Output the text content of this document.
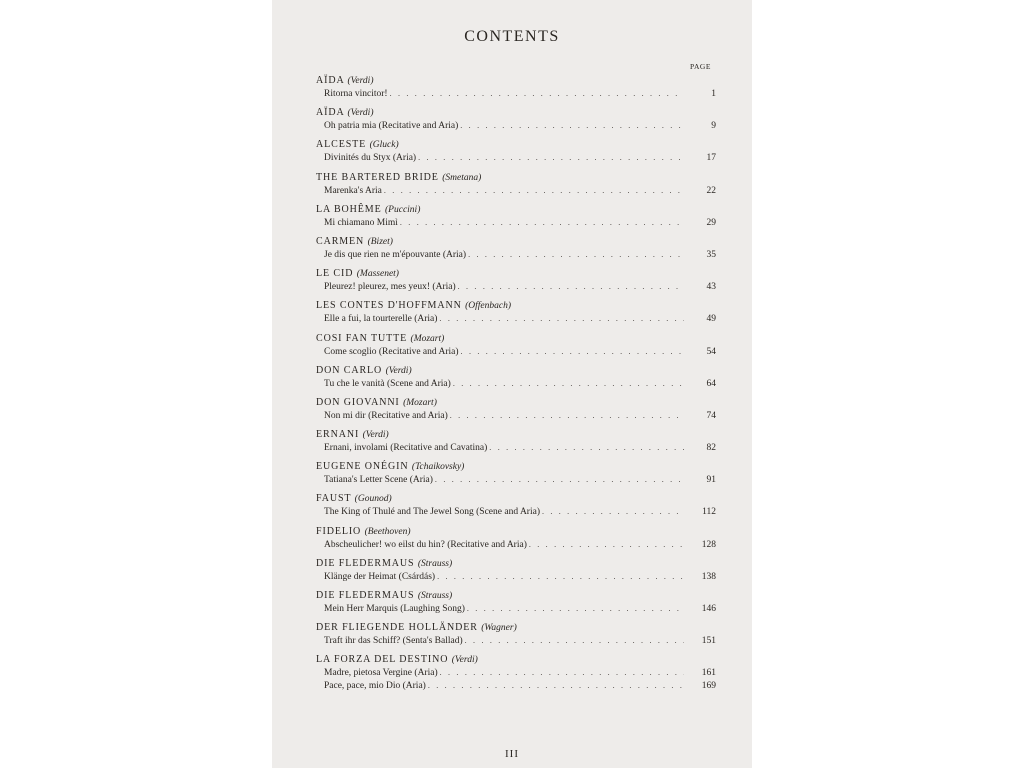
CONTENTS
PAGE
AÏDA (Verdi)
Ritorna vincitor! . . .	1
AÏDA (Verdi)
Oh patria mia (Recitative and Aria) . . .	9
ALCESTE (Gluck)
Divinités du Styx (Aria) . . .	17
THE BARTERED BRIDE (Smetana)
Marenka's Aria . . .	22
LA BOHÊME (Puccini)
Mi chiamano Mimì . . .	29
CARMEN (Bizet)
Je dis que rien ne m'épouvante (Aria) . . .	35
LE CID (Massenet)
Pleurez! pleurez, mes yeux! (Aria) . . .	43
LES CONTES D'HOFFMANN (Offenbach)
Elle a fui, la tourterelle (Aria) . . .	49
COSI FAN TUTTE (Mozart)
Come scoglio (Recitative and Aria) . . .	54
DON CARLO (Verdi)
Tu che le vanità (Scene and Aria) . . .	64
DON GIOVANNI (Mozart)
Non mi dir (Recitative and Aria) . . .	74
ERNANI (Verdi)
Ernani, involami (Recitative and Cavatina) . . .	82
EUGENE ONÉGIN (Tchaikovsky)
Tatiana's Letter Scene (Aria) . . .	91
FAUST (Gounod)
The King of Thulé and The Jewel Song (Scene and Aria) . . .	112
FIDELIO (Beethoven)
Abscheulicher! wo eilst du hin? (Recitative and Aria) . . .	128
DIE FLEDERMAUS (Strauss)
Klänge der Heimat (Csárdás) . . .	138
DIE FLEDERMAUS (Strauss)
Mein Herr Marquis (Laughing Song) . . .	146
DER FLIEGENDE HOLLÄNDER (Wagner)
Traft ihr das Schiff? (Senta's Ballad) . . .	151
LA FORZA DEL DESTINO (Verdi)
Madre, pietosa Vergine (Aria) . . .	161
Pace, pace, mio Dio (Aria) . . .	169
III
